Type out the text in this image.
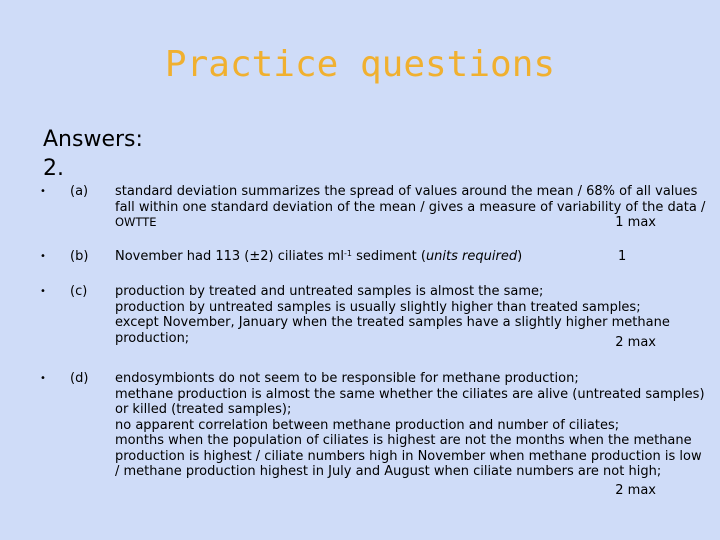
Practice questions
Answers:
2.
• (a) standard deviation summarizes the spread of values around the mean / 68% of all values
fall within one standard deviation of the mean / gives a measure of variability of the data /
OWTTE	1 max
• (b) November had 113 (±2) ciliates $ml^{-1}$ sediment (units required)	1
• (c) production by treated and untreated samples is almost the same;
production by untreated samples is usually slightly higher than treated samples;
except November, January when the treated samples have a slightly higher methane
production;	2 max
• (d) endosymbionts do not seem to be responsible for methane production;
methane production is almost the same whether the ciliates are alive (untreated samples)
or killed (treated samples);
no apparent correlation between methane production and number of ciliates;
months when the population of ciliates is highest are not the months when the methane
production is highest / ciliate numbers high in November when methane production is low
/ methane production highest in July and August when ciliate numbers are not high;
2 max
